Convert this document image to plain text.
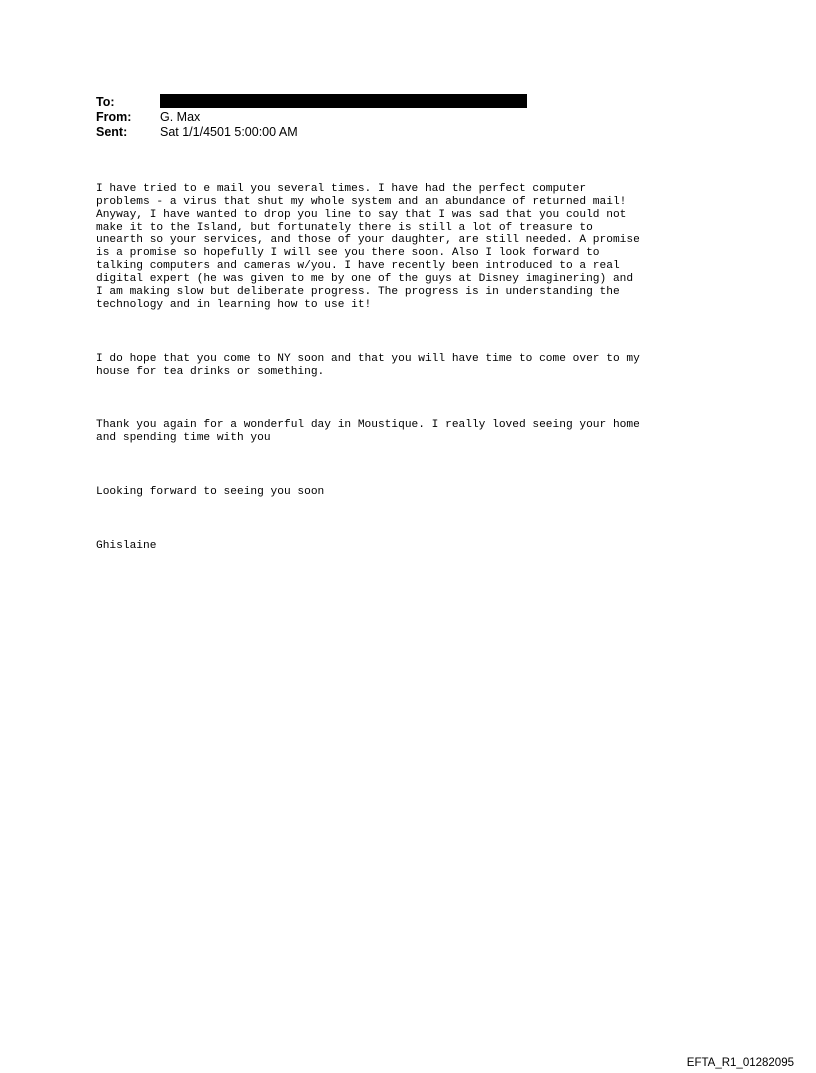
To:
From:	G. Max
Sent:	Sat 1/1/4501 5:00:00 AM

I have tried to e mail you several times. I have had the perfect computer
problems - a virus that shut my whole system and an abundance of returned mail!
Anyway, I have wanted to drop you line to say that I was sad that you could not
make it to the Island, but fortunately there is still a lot of treasure to
unearth so your services, and those of your daughter, are still needed. A promise
is a promise so hopefully I will see you there soon. Also I look forward to
talking computers and cameras w/you. I have recently been introduced to a real
digital expert (he was given to me by one of the guys at Disney imaginering) and
I am making slow but deliberate progress. The progress is in understanding the
technology and in learning how to use it!

I do hope that you come to NY soon and that you will have time to come over to my
house for tea drinks or something.

Thank you again for a wonderful day in Moustique. I really loved seeing your home
and spending time with you

Looking forward to seeing you soon

Ghislaine

EFTA_R1_01282095
